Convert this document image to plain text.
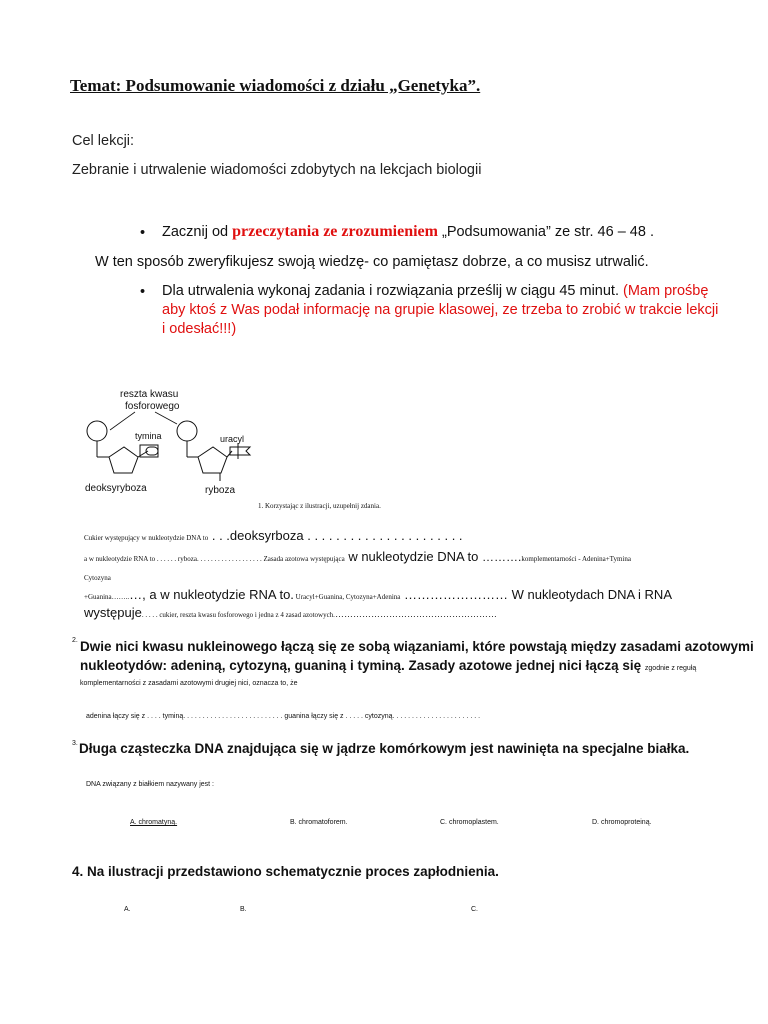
Temat: Podsumowanie wiadomości z działu „Genetyka”.
Cel lekcji:
Zebranie i utrwalenie wiadomości zdobytych na lekcjach biologii
• Zacznij od przeczytania ze zrozumieniem „Podsumowania” ze str. 46 – 48 .
W ten sposób zweryfikujesz swoją wiedzę- co pamiętasz dobrze, a co musisz utrwalić.
• Dla utrwalenia wykonaj zadania i rozwiązania prześlij w ciągu 45 minut. (Mam prośbę
aby ktoś z Was podał informację na grupie klasowej, ze trzeba to zrobić w trakcie lekcji
i odesłać!!!)
reszta kwasu
fosforowego
tymina
deoksyryboza
uracyl
ryboza
1. Korzystając z ilustracji, uzupełnij zdania.
Cukier występujący w nukleotydzie DNA to . . .deoksyrboza . . . . . . . . . . . . . . . . . . . . . .
a w nukleotydzie RNA to . . . . . . ryboza. . . . . . . . . . . . . . . . . . . Zasada azotowa występująca w nukleotydzie DNA to ……….komplementarności - Adenina+Tymina
Cytozyna
+Guanina……..…, a w nukleotydzie RNA to. Uracyl+Guanina, Cytozyna+Adenina …………………… W nukleotydach DNA i RNA
występuje. . . . . cukier, reszta kwasu fosforowego i jedna z 4 zasad azotowych.………………………………………………
2. Dwie nici kwasu nukleinowego łączą się ze sobą wiązaniami, które powstają między zasadami azotowymi
nukleotydów: adeniną, cytozyną, guaniną i tyminą. Zasady azotowe jednej nici łączą się zgodnie z regułą
komplementarności z zasadami azotowymi drugiej nici, oznacza to, że
adenina łączy się z . . . . tyminą. . . . . . . . . . . . . . . . . . . . . . . . . . guanina łączy się z . . . . . cytozyną. . . . . . . . . . . . . . . . . . . . . . .
3. Długa cząsteczka DNA znajdująca się w jądrze komórkowym jest nawinięta na specjalne białka.
DNA związany z białkiem nazywany jest :
A. chromatyną.	B. chromatoforem.	C. chromoplastem.	D. chromoproteiną.
4. Na ilustracji przedstawiono schematycznie proces zapłodnienia.
A.	B.	C.
